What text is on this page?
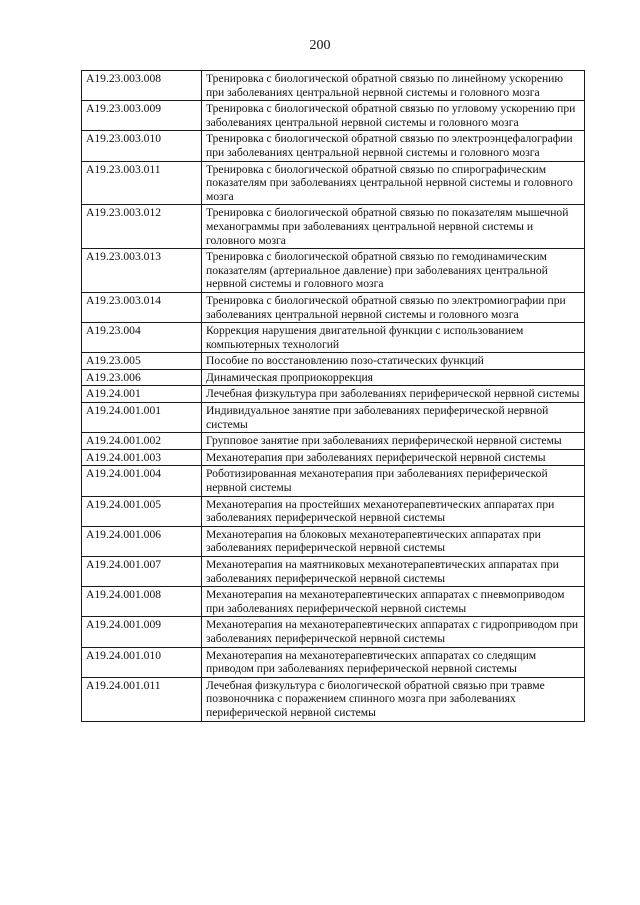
200
A19.23.003.008	Тренировка с биологической обратной связью по линейному ускорению при заболеваниях центральной нервной системы и головного мозга
A19.23.003.009	Тренировка с биологической обратной связью по угловому ускорению при заболеваниях центральной нервной системы и головного мозга
A19.23.003.010	Тренировка с биологической обратной связью по электроэнцефалографии при заболеваниях центральной нервной системы и головного мозга
A19.23.003.011	Тренировка с биологической обратной связью по спирографическим показателям при заболеваниях центральной нервной системы и головного мозга
A19.23.003.012	Тренировка с биологической обратной связью по показателям мышечной механограммы при заболеваниях центральной нервной системы и головного мозга
A19.23.003.013	Тренировка с биологической обратной связью по гемодинамическим показателям (артериальное давление) при заболеваниях центральной нервной системы и головного мозга
A19.23.003.014	Тренировка с биологической обратной связью по электромиографии при заболеваниях центральной нервной системы и головного мозга
A19.23.004	Коррекция нарушения двигательной функции с использованием компьютерных технологий
A19.23.005	Пособие по восстановлению позо-статических функций
A19.23.006	Динамическая проприокоррекция
A19.24.001	Лечебная физкультура при заболеваниях периферической нервной системы
A19.24.001.001	Индивидуальное занятие при заболеваниях периферической нервной системы
A19.24.001.002	Групповое занятие при заболеваниях периферической нервной системы
A19.24.001.003	Механотерапия при заболеваниях периферической нервной системы
A19.24.001.004	Роботизированная механотерапия при заболеваниях периферической нервной системы
A19.24.001.005	Механотерапия на простейших механотерапевтических аппаратах при заболеваниях периферической нервной системы
A19.24.001.006	Механотерапия на блоковых механотерапевтических аппаратах при заболеваниях периферической нервной системы
A19.24.001.007	Механотерапия на маятниковых механотерапевтических аппаратах при заболеваниях периферической нервной системы
A19.24.001.008	Механотерапия на механотерапевтических аппаратах с пневмоприводом при заболеваниях периферической нервной системы
A19.24.001.009	Механотерапия на механотерапевтических аппаратах с гидроприводом при заболеваниях периферической нервной системы
A19.24.001.010	Механотерапия на механотерапевтических аппаратах со следящим приводом при заболеваниях периферической нервной системы
A19.24.001.011	Лечебная физкультура с биологической обратной связью при травме позвоночника с поражением спинного мозга при заболеваниях периферической нервной системы
